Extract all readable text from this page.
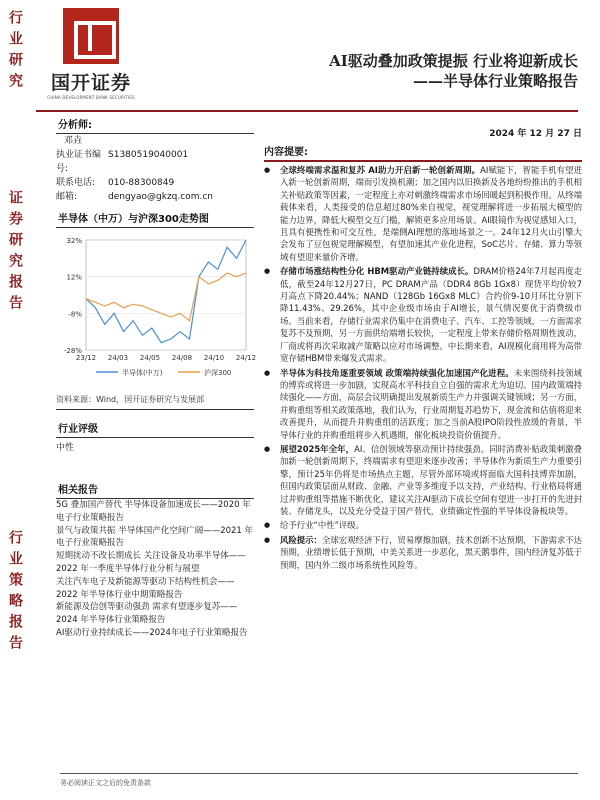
行业研究
证券研究报告
行业策略报告
国开证券
CHINA DEVELOPMENT BANK SECURITIES
AI驱动叠加政策提振 行业将迎新成长
——半导体行业策略报告
分析师:
邓垚
执业证书编号:
S1380519040001
联系电话:	010-88300849
邮箱:	dengyao@gkzq.com.cn
半导体（中万）与沪深300走势图
32%
12%
-8%
-28%
23/12 24/03 24/05 24/08 24/10 24/12
半导体(中万)	沪深300
资料来源：Wind，国开证券研究与发展部
行业评级
中性
相关报告
5G 叠加国产替代 半导体设备加速成长——2020 年电子行业策略报告
景气与政策共振 半导体国产化空间广阔——2021 年电子行业策略报告
短期扰动不改长期成长 关注设备及功率半导体——2022 年一季度半导体行业分析与展望
关注汽车电子及新能源等驱动下结构性机会——2022 年半导体行业中期策略报告
新能源及信创等驱动强劲 需求有望逐步复苏——2024 年半导体行业策略报告
AI驱动行业持续成长——2024年电子行业策略报告
2024 年 12 月 27 日
内容提要:
● 全球终端需求温和复苏 AI助力开启新一轮创新周期。AI赋能下，智能手机有望进入新一轮创新周期，端而引发换机潮；加之国内以旧换新及各地纷纷推出的手机相关补贴政策等因素，一定程度上亦对刺激终端需求市场回暖起到积极作用。从终端载体来看，人类接受的信息超过80%来自视觉，视觉理解将进一步拓展大模型的能力边界，降低大模型交互门槛，解锁更多应用场景。AI眼镜作为视觉感知入口，且具有便携性和可交互性，是端侧AI理想的落地场景之一。24年12月火山引擎大会发布了豆包视觉理解模型，有望加速其产业化进程，SoC芯片、存储、算力等领域有望迎来量价齐增。
● 存储市场涨结构性分化 HBM驱动产业链持续成长。DRAM价格24年7月起再度走低，截至24年12月27日，PC DRAM产品（DDR4 8Gb 1Gx8）现货平均价较7月高点下降20.44%；NAND（128Gb 16Gx8 MLC）合约价9-10月环比分别下降11.43%、29.26%，其中企业级市场由于AI增长，景气情况要优于消费级市场。当前来看，存储行业需求仍集中在消费电子、汽车、工控等领域，一方面需求复苏不及预期，另一方面供给端增长较快，一定程度上带来存储价格周期性波动，厂商或将再次采取减产策略以应对市场调整。中长期来看，AI现模化商用将为高带宽存储HBM带来爆发式需求。
● 半导体为科技角逐重要领域 政策端持续强化加速国产化进程。未来围绕科技领域的博弈或将进一步加剧，实现高水平科技自立自强的需求尤为迫切。国内政策端持续强化——方面，高层会议明确提出发展新质生产力并强调关键领域；另一方面，并购重组等相关政策落地，我们认为，行业周期复苏趋势下，现金流和估值将迎来改善提升，从而提升并购重组的活跃度；加之当前A股IPO阶段性放缓的背景，半导体行业的并购重组将步入机遇期，催化板块投资价值提升。
● 展望2025年全年，AI、信创领域等驱动预计持续强劲。同时消费补贴政策刺激叠加新一轮创新周期下，终端需求有望迎来逐步改善；半导体作为新质生产力重要引擎，预计25年仍将是市场热点主题，尽管外部环境或将面临大国科技博弈加剧，但国内政策层面从财政、金融、产业等多维度予以支持，产业结构、行业格局将通过并购重组等措施不断优化，建议关注AI驱动下成长空间有望进一步打开的先进封装、存储龙头，以及充分受益于国产替代，业绩确定性强的半导体设备板块等。
● 给予行业“中性”评级。
● 风险提示：全球宏观经济下行，贸易摩擦加剧，技术创新不达预期，下游需求不达预期，业绩增长低于预期，中美关系进一步恶化，黑天鹅事件，国内经济复苏低于预期，国内外二级市场系统性风险等。
务必阅读正文之后的免责条款
